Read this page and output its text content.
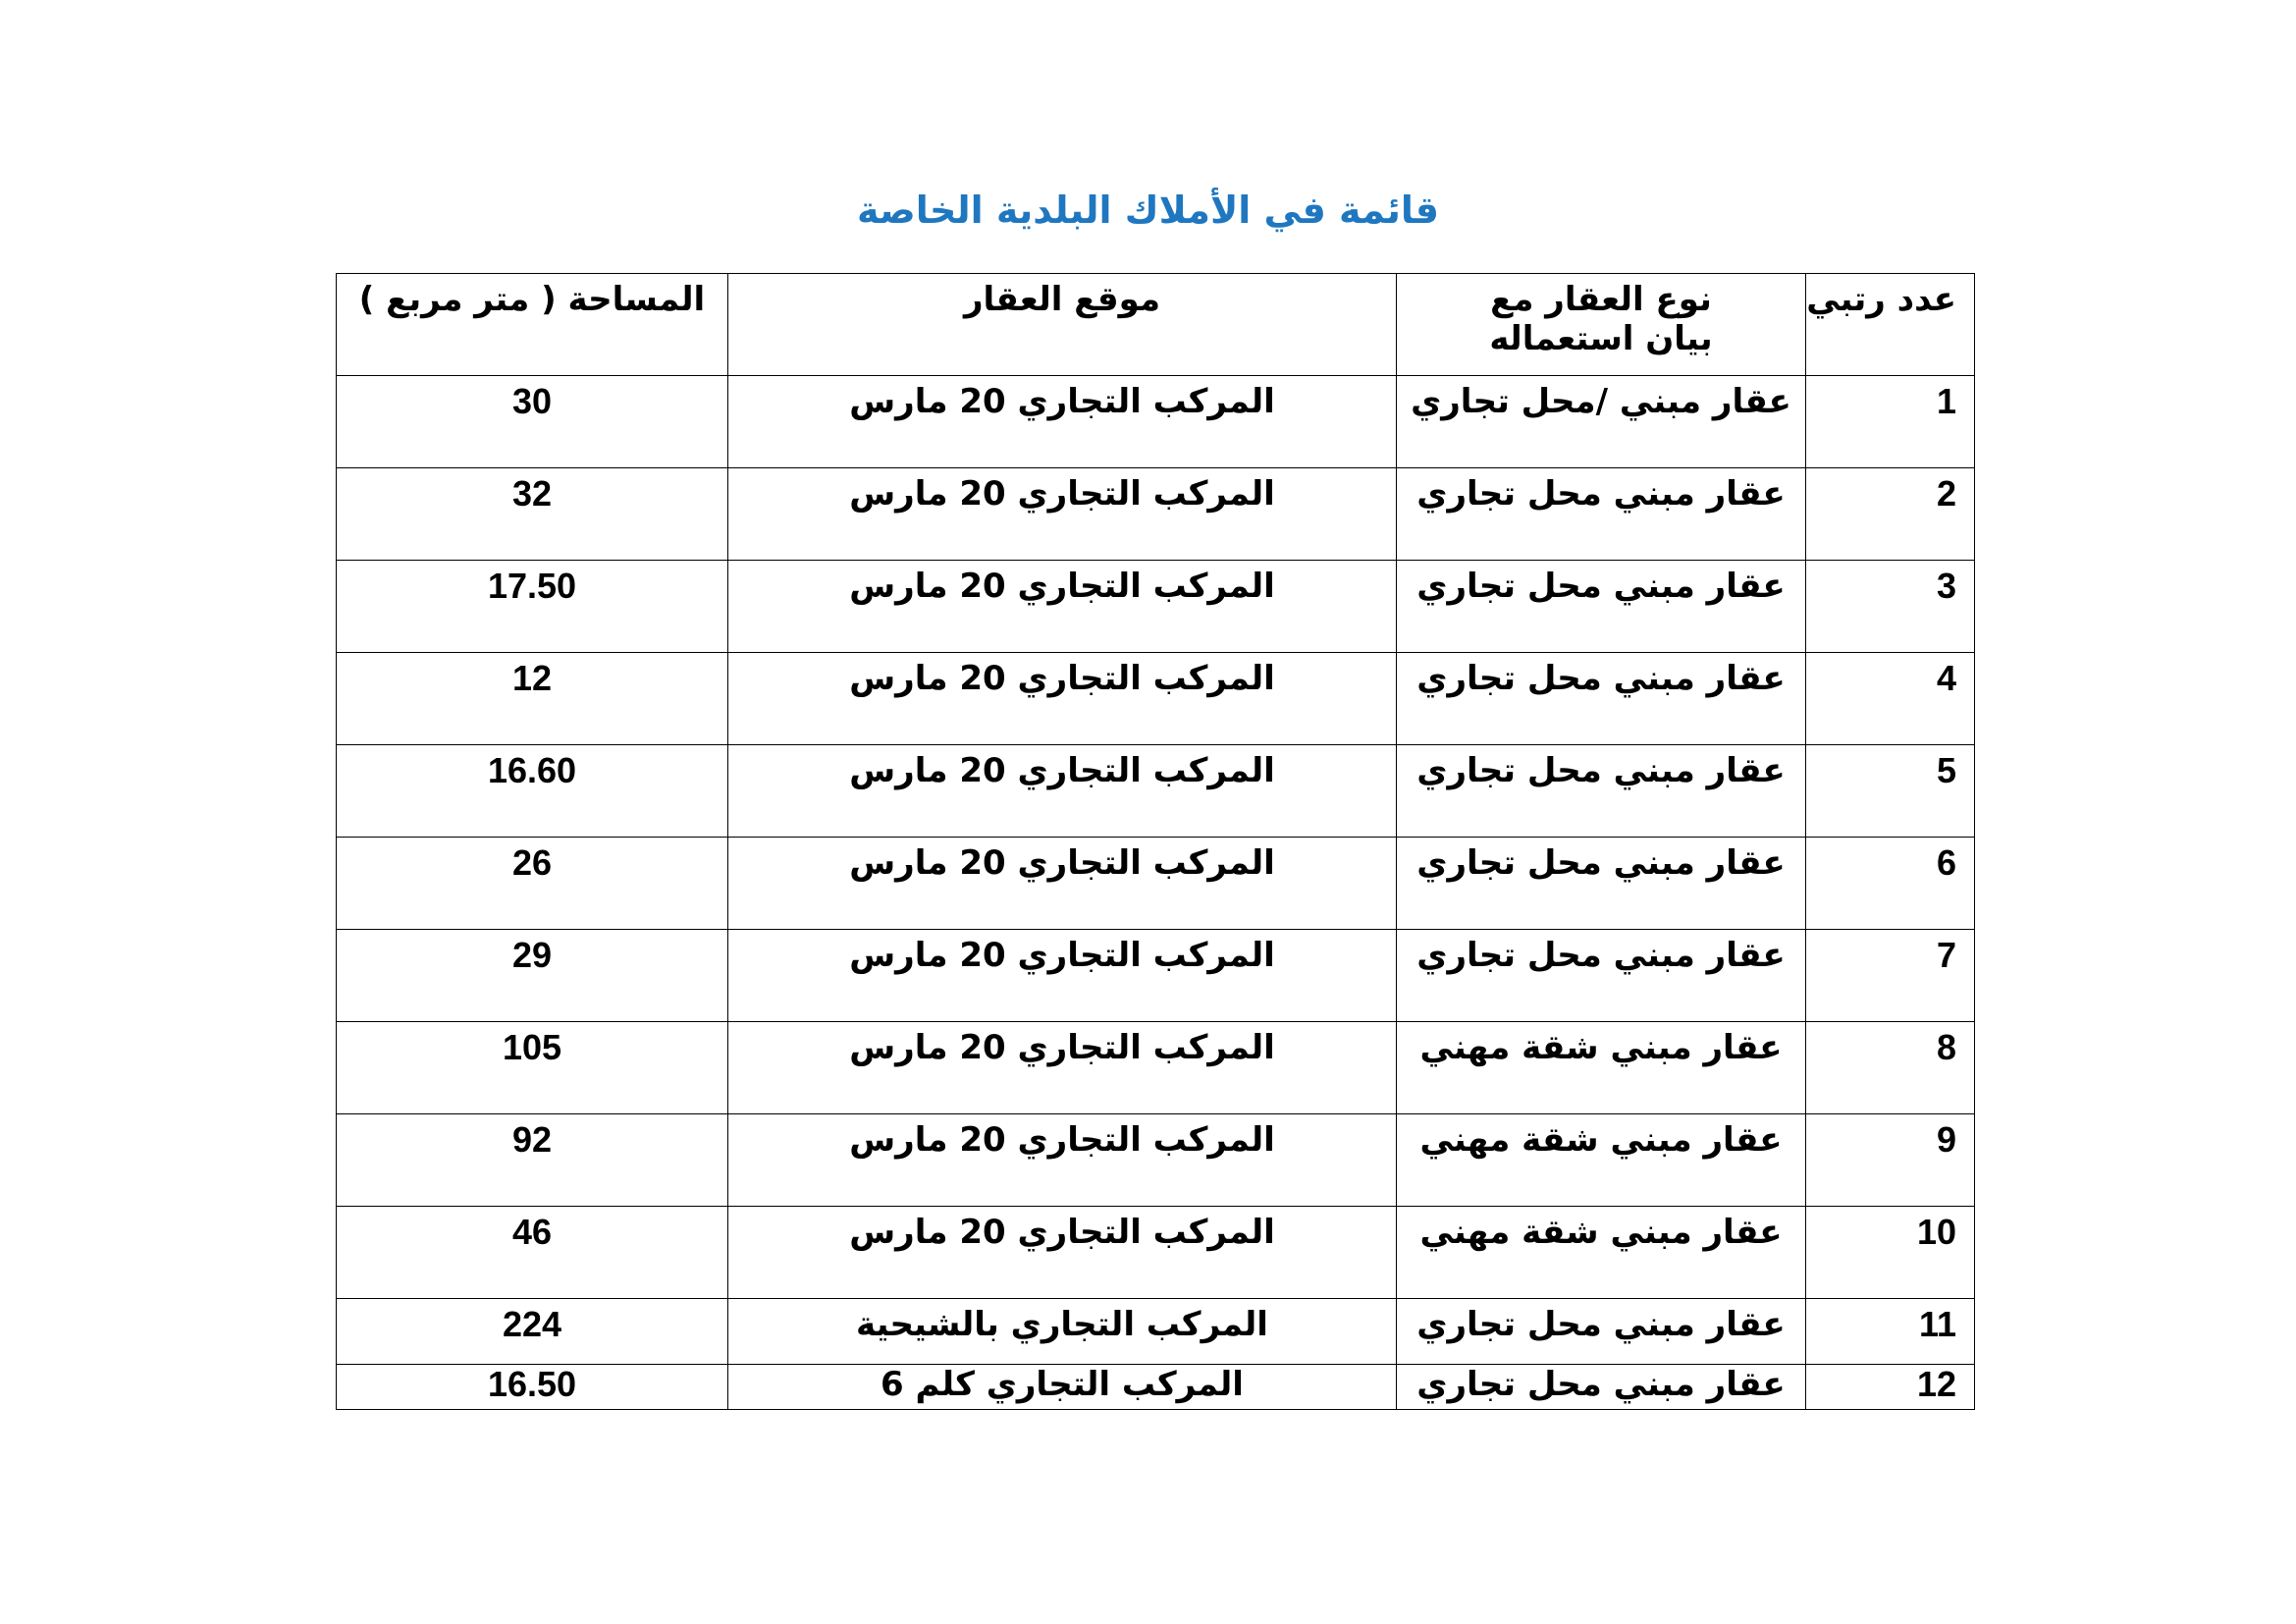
قائمة في الأملاك البلدية الخاصة
عدد رتبي	نوع العقار مع بيان استعماله	موقع العقار	المساحة ( متر مربع )
1	عقار مبني /محل تجاري	المركب التجاري 20 مارس	30
2	عقار مبني محل تجاري	المركب التجاري 20 مارس	32
3	عقار مبني محل تجاري	المركب التجاري 20 مارس	17.50
4	عقار مبني محل تجاري	المركب التجاري 20 مارس	12
5	عقار مبني محل تجاري	المركب التجاري 20 مارس	16.60
6	عقار مبني محل تجاري	المركب التجاري 20 مارس	26
7	عقار مبني محل تجاري	المركب التجاري 20 مارس	29
8	عقار مبني شقة مهني	المركب التجاري 20 مارس	105
9	عقار مبني شقة مهني	المركب التجاري 20 مارس	92
10	عقار مبني شقة مهني	المركب التجاري 20 مارس	46
11	عقار مبني محل تجاري	المركب التجاري بالشيحية	224
12	عقار مبني محل تجاري	المركب التجاري كلم 6	16.50
